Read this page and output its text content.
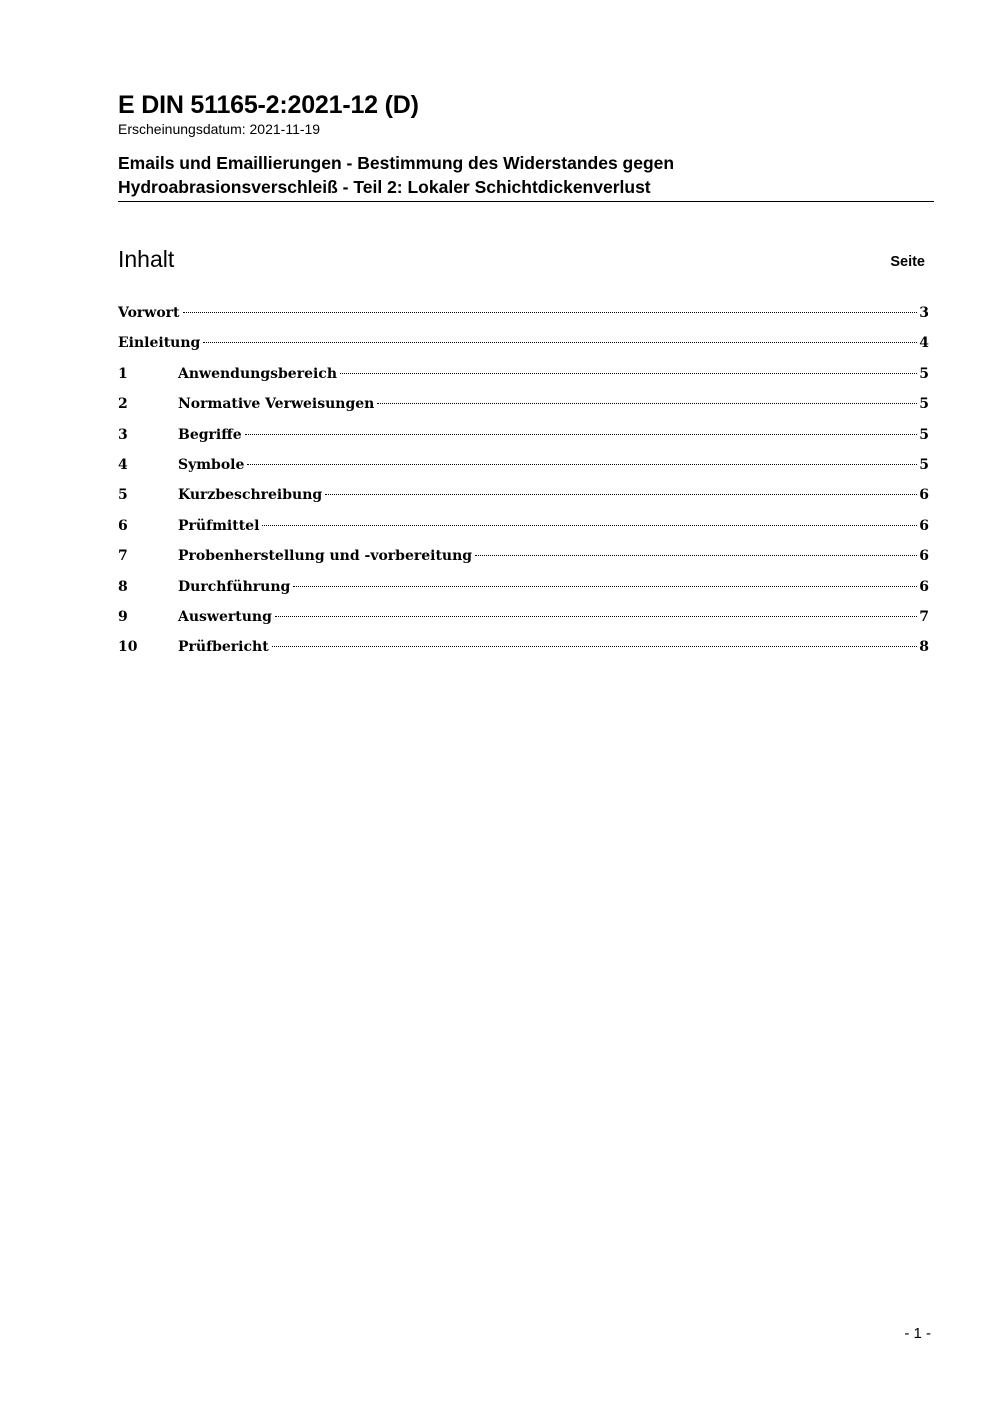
E DIN 51165-2:2021-12 (D)
Erscheinungsdatum: 2021-11-19
Emails und Emaillierungen - Bestimmung des Widerstandes gegen
Hydroabrasionsverschleiß - Teil 2: Lokaler Schichtdickenverlust
Inhalt	Seite
Vorwort	3
Einleitung	4
1	Anwendungsbereich	5
2	Normative Verweisungen	5
3	Begriffe	5
4	Symbole	5
5	Kurzbeschreibung	6
6	Prüfmittel	6
7	Probenherstellung und -vorbereitung	6
8	Durchführung	6
9	Auswertung	7
10	Prüfbericht	8
- 1 -
